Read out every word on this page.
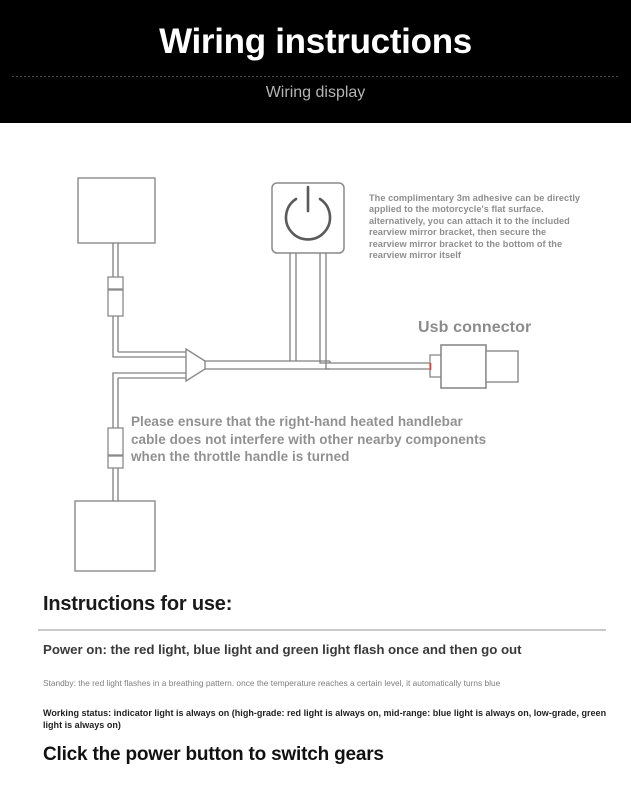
Wiring instructions
Wiring display
The complimentary 3m adhesive can be directly applied to the motorcycle's flat surface. alternatively, you can attach it to the included rearview mirror bracket, then secure the rearview mirror bracket to the bottom of the rearview mirror itself
Usb connector
Please ensure that the right-hand heated handlebar cable does not interfere with other nearby components when the throttle handle is turned
Instructions for use:
Power on: the red light, blue light and green light flash once and then go out
Standby: the red light flashes in a breathing pattern. once the temperature reaches a certain level, it automatically turns blue
Working status: indicator light is always on (high-grade: red light is always on, mid-range: blue light is always on, low-grade, green light is always on)
Click the power button to switch gears
